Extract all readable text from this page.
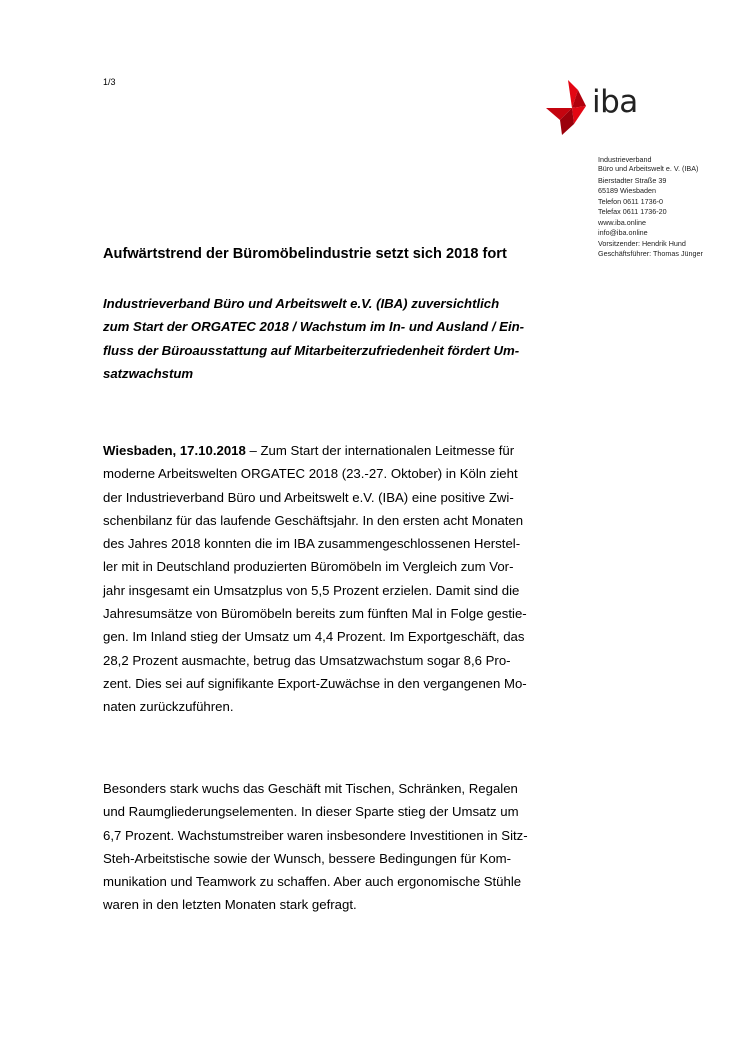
1/3
iba
Industrieverband
Büro und Arbeitswelt e. V. (IBA)
Bierstadter Straße 39
65189 Wiesbaden
Telefon 0611 1736-0
Telefax 0611 1736-20
www.iba.online
info@iba.online
Vorsitzender: Hendrik Hund
Geschäftsführer: Thomas Jünger
Aufwärtstrend der Büromöbelindustrie setzt sich 2018 fort
Industrieverband Büro und Arbeitswelt e.V. (IBA) zuversichtlich
zum Start der ORGATEC 2018 / Wachstum im In- und Ausland / Ein-
fluss der Büroausstattung auf Mitarbeiterzufriedenheit fördert Um-
satzwachstum
Wiesbaden, 17.10.2018 – Zum Start der internationalen Leitmesse für
moderne Arbeitswelten ORGATEC 2018 (23.-27. Oktober) in Köln zieht
der Industrieverband Büro und Arbeitswelt e.V. (IBA) eine positive Zwi-
schenbilanz für das laufende Geschäftsjahr. In den ersten acht Monaten
des Jahres 2018 konnten die im IBA zusammengeschlossenen Herstel-
ler mit in Deutschland produzierten Büromöbeln im Vergleich zum Vor-
jahr insgesamt ein Umsatzplus von 5,5 Prozent erzielen. Damit sind die
Jahresumsätze von Büromöbeln bereits zum fünften Mal in Folge gestie-
gen. Im Inland stieg der Umsatz um 4,4 Prozent. Im Exportgeschäft, das
28,2 Prozent ausmachte, betrug das Umsatzwachstum sogar 8,6 Pro-
zent. Dies sei auf signifikante Export-Zuwächse in den vergangenen Mo-
naten zurückzuführen.
Besonders stark wuchs das Geschäft mit Tischen, Schränken, Regalen
und Raumgliederungselementen. In dieser Sparte stieg der Umsatz um
6,7 Prozent. Wachstumstreiber waren insbesondere Investitionen in Sitz-
Steh-Arbeitstische sowie der Wunsch, bessere Bedingungen für Kom-
munikation und Teamwork zu schaffen. Aber auch ergonomische Stühle
waren in den letzten Monaten stark gefragt.
